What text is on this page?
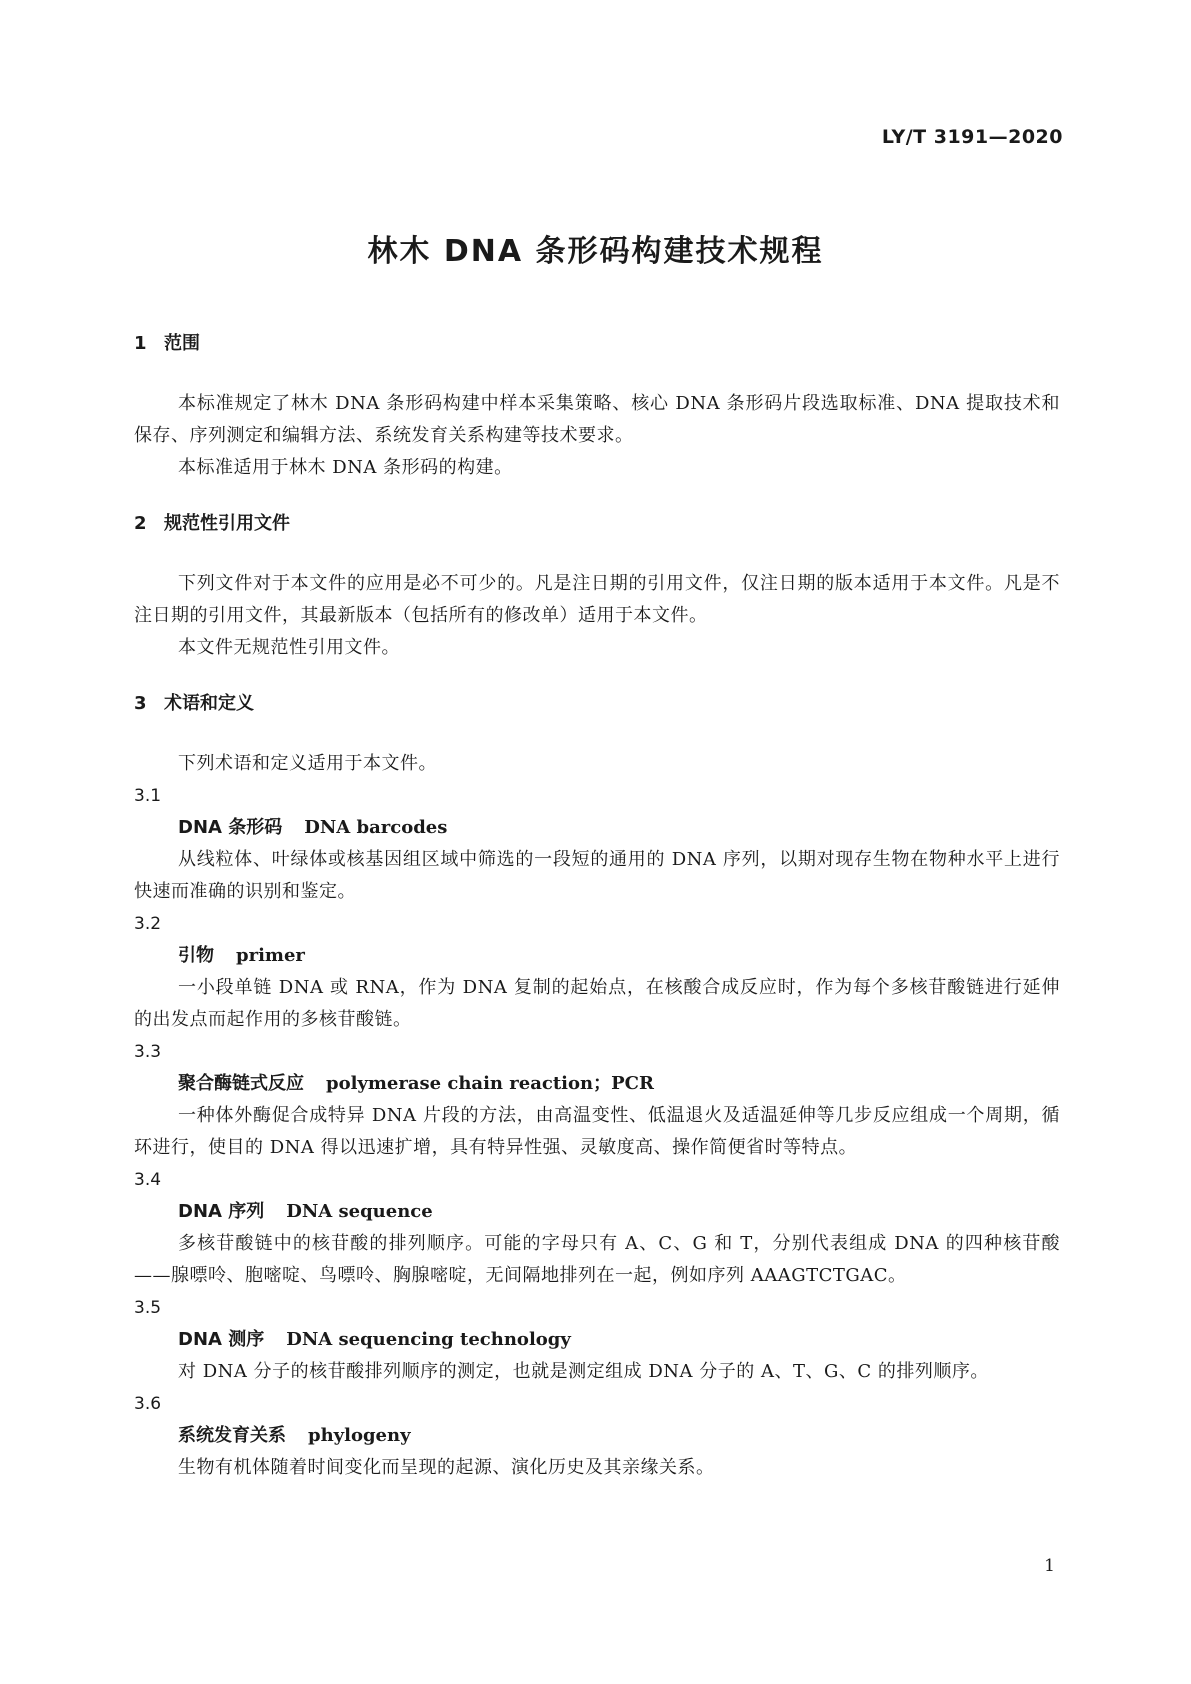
LY/T 3191—2020
林木 DNA 条形码构建技术规程
1 范围

本标准规定了林木 DNA 条形码构建中样本采集策略、核心 DNA 条形码片段选取标准、DNA 提取技术和保存、序列测定和编辑方法、系统发育关系构建等技术要求。

本标准适用于林木 DNA 条形码的构建。

2 规范性引用文件

下列文件对于本文件的应用是必不可少的。凡是注日期的引用文件，仅注日期的版本适用于本文件。凡是不注日期的引用文件，其最新版本（包括所有的修改单）适用于本文件。

本文件无规范性引用文件。

3 术语和定义

下列术语和定义适用于本文件。

3.1
DNA 条形码 DNA barcodes

从线粒体、叶绿体或核基因组区域中筛选的一段短的通用的 DNA 序列，以期对现存生物在物种水平上进行快速而准确的识别和鉴定。

3.2
引物 primer

一小段单链 DNA 或 RNA，作为 DNA 复制的起始点，在核酸合成反应时，作为每个多核苷酸链进行延伸的出发点而起作用的多核苷酸链。

3.3
聚合酶链式反应 polymerase chain reaction；PCR

一种体外酶促合成特异 DNA 片段的方法，由高温变性、低温退火及适温延伸等几步反应组成一个周期，循环进行，使目的 DNA 得以迅速扩增，具有特异性强、灵敏度高、操作简便省时等特点。

3.4
DNA 序列 DNA sequence

多核苷酸链中的核苷酸的排列顺序。可能的字母只有 A、C、G 和 T，分别代表组成 DNA 的四种核苷酸——腺嘌呤、胞嘧啶、鸟嘌呤、胸腺嘧啶，无间隔地排列在一起，例如序列 AAAGTCTGAC。

3.5
DNA 测序 DNA sequencing technology

对 DNA 分子的核苷酸排列顺序的测定，也就是测定组成 DNA 分子的 A、T、G、C 的排列顺序。

3.6
系统发育关系 phylogeny

生物有机体随着时间变化而呈现的起源、演化历史及其亲缘关系。

1
